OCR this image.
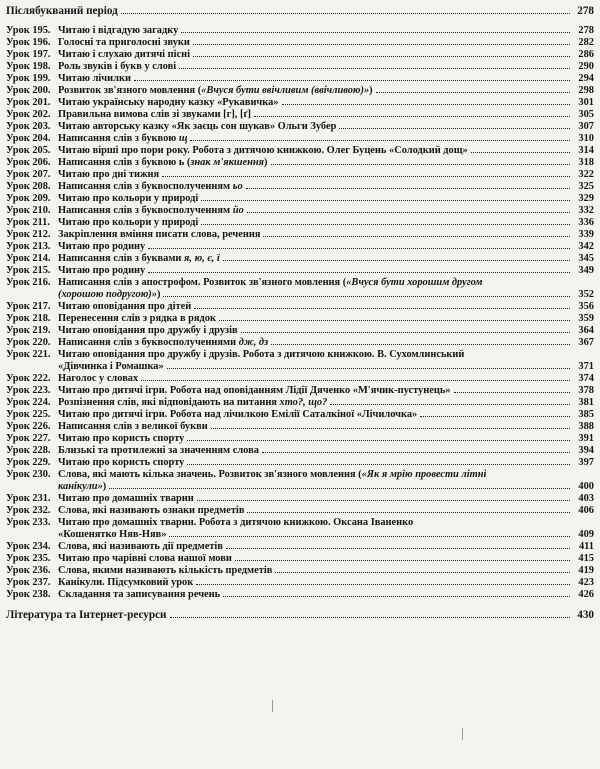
Післябукваний період	278
Урок 195. Читаю і відгадую загадку	278
Урок 196. Голосні та приголосні звуки	282
Урок 197. Читаю і слухаю дитячі пісні	286
Урок 198. Роль звуків і букв у слові	290
Урок 199. Читаю лічилки	294
Урок 200. Розвиток зв'язного мовлення («Вчуся бути ввічливим (ввічливою)»)	298
Урок 201. Читаю українську народну казку «Рукавичка»	301
Урок 202. Правильна вимова слів зі звуками [г], [ґ]	305
Урок 203. Читаю авторську казку «Як заєць сон шукав» Ольги Зубер	307
Урок 204. Написання слів з буквою щ	310
Урок 205. Читаю вірші про пори року. Робота з дитячою книжкою. Олег Буцень «Солодкий дощ»	314
Урок 206. Написання слів з буквою ь (знак м'якшення)	318
Урок 207. Читаю про дні тижня	322
Урок 208. Написання слів з буквосполученням ьо	325
Урок 209. Читаю про кольори у природі	329
Урок 210. Написання слів з буквосполученням йо	332
Урок 211. Читаю про кольори у природі	336
Урок 212. Закріплення вміння писати слова, речення	339
Урок 213. Читаю про родину	342
Урок 214. Написання слів з буквами я, ю, є, ї	345
Урок 215. Читаю про родину	349
Урок 216. Написання слів з апострофом. Розвиток зв'язного мовлення («Вчуся бути хорошим другом
(хорошою подругою)»)	352
Урок 217. Читаю оповідання про дітей	356
Урок 218. Перенесення слів з рядка в рядок	359
Урок 219. Читаю оповідання про дружбу і друзів	364
Урок 220. Написання слів з буквосполученнями дж, дз	367
Урок 221. Читаю оповідання про дружбу і друзів. Робота з дитячою книжкою. В. Сухомлинський
«Дівчинка і Ромашка»	371
Урок 222. Наголос у словах	374
Урок 223. Читаю про дитячі ігри. Робота над оповіданням Лідії Дяченко «М'ячик-пустунець»	378
Урок 224. Розпізнення слів, які відповідають на питання хто?, що?	381
Урок 225. Читаю про дитячі ігри. Робота над лічилкою Емілії Саталкіної «Лічилочка»	385
Урок 226. Написання слів з великої букви	388
Урок 227. Читаю про користь спорту	391
Урок 228. Близькі та протилежні за значенням слова	394
Урок 229. Читаю про користь спорту	397
Урок 230. Слова, які мають кілька значень. Розвиток зв'язного мовлення («Як я мрію провести літні
канікули»)	400
Урок 231. Читаю про домашніх тварин	403
Урок 232. Слова, які називають ознаки предметів	406
Урок 233. Читаю про домашніх тварин. Робота з дитячою книжкою. Оксана Іваненко
«Кошенятко Няв-Няв»	409
Урок 234. Слова, які називають дії предметів	411
Урок 235. Читаю про чарівні слова нашої мови	415
Урок 236. Слова, якими називають кількість предметів	419
Урок 237. Канікули. Підсумковий урок	423
Урок 238. Складання та записування речень	426
Література та Інтернет-ресурси	430
